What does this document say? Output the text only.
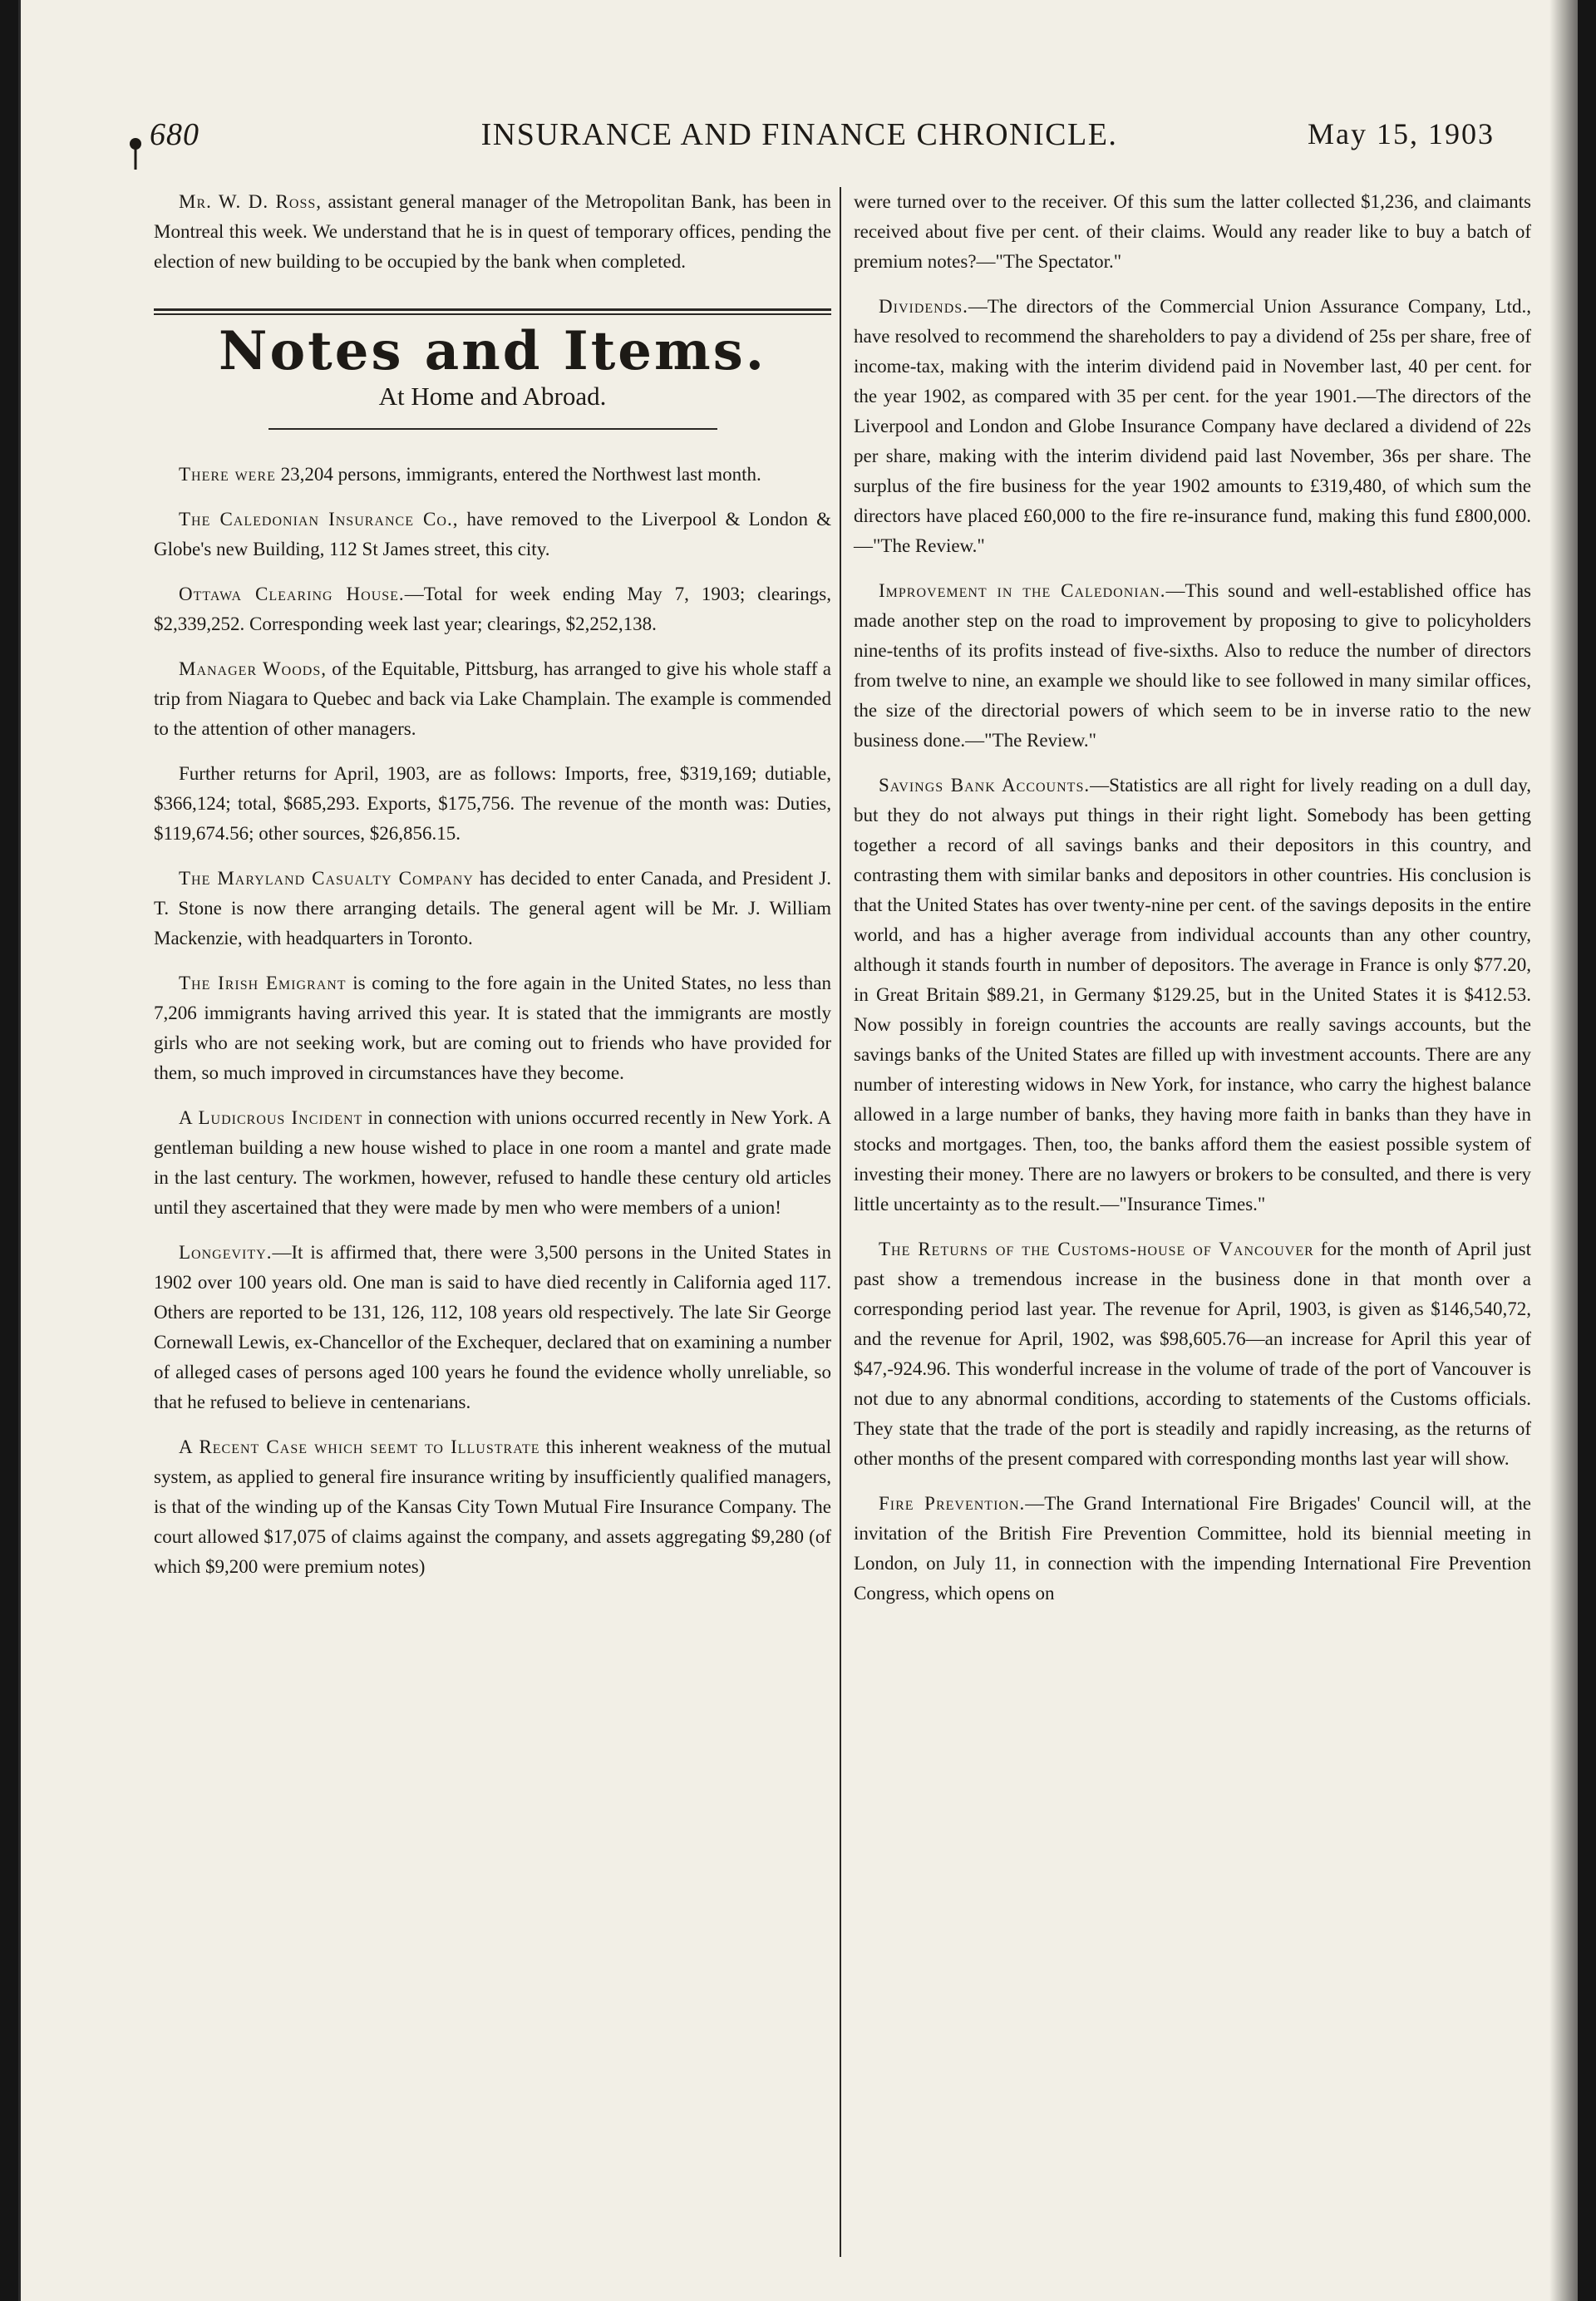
680	INSURANCE AND FINANCE CHRONICLE.	May 15, 1903

Mr. W. D. Ross, assistant general manager of the Metropolitan Bank, has been in Montreal this week. We understand that he is in quest of temporary offices, pending the election of new building to be occupied by the bank when completed.

Notes and Items.
At Home and Abroad.

There were 23,204 persons, immigrants, entered the Northwest last month.

The Caledonian Insurance Co., have removed to the Liverpool & London & Globe's new Building, 112 St James street, this city.

Ottawa Clearing House.—Total for week ending May 7, 1903; clearings, $2,339,252. Corresponding week last year; clearings, $2,252,138.

Manager Woods, of the Equitable, Pittsburg, has arranged to give his whole staff a trip from Niagara to Quebec and back via Lake Champlain. The example is commended to the attention of other managers.

Further returns for April, 1903, are as follows: Imports, free, $319,169; dutiable, $366,124; total, $685,293. Exports, $175,756. The revenue of the month was: Duties, $119,674.56; other sources, $26,856.15.

The Maryland Casualty Company has decided to enter Canada, and President J. T. Stone is now there arranging details. The general agent will be Mr. J. William Mackenzie, with headquarters in Toronto.

The Irish Emigrant is coming to the fore again in the United States, no less than 7,206 immigrants having arrived this year. It is stated that the immigrants are mostly girls who are not seeking work, but are coming out to friends who have provided for them, so much improved in circumstances have they become.

A Ludicrous Incident in connection with unions occurred recently in New York. A gentleman building a new house wished to place in one room a mantel and grate made in the last century. The workmen, however, refused to handle these century old articles until they ascertained that they were made by men who were members of a union!

Longevity.—It is affirmed that, there were 3,500 persons in the United States in 1902 over 100 years old. One man is said to have died recently in California aged 117. Others are reported to be 131, 126, 112, 108 years old respectively. The late Sir George Cornewall Lewis, ex-Chancellor of the Exchequer, declared that on examining a number of alleged cases of persons aged 100 years he found the evidence wholly unreliable, so that he refused to believe in centenarians.

A Recent Case which seemt to Illustrate this inherent weakness of the mutual system, as applied to general fire insurance writing by insufficiently qualified managers, is that of the winding up of the Kansas City Town Mutual Fire Insurance Company. The court allowed $17,075 of claims against the company, and assets aggregating $9,280 (of which $9,200 were premium notes)

were turned over to the receiver. Of this sum the latter collected $1,236, and claimants received about five per cent. of their claims. Would any reader like to buy a batch of premium notes?—"The Spectator."

Dividends.—The directors of the Commercial Union Assurance Company, Ltd., have resolved to recommend the shareholders to pay a dividend of 25s per share, free of income-tax, making with the interim dividend paid in November last, 40 per cent. for the year 1902, as compared with 35 per cent. for the year 1901.—The directors of the Liverpool and London and Globe Insurance Company have declared a dividend of 22s per share, making with the interim dividend paid last November, 36s per share. The surplus of the fire business for the year 1902 amounts to £319,480, of which sum the directors have placed £60,000 to the fire re-insurance fund, making this fund £800,000.—"The Review."

Improvement in the Caledonian.—This sound and well-established office has made another step on the road to improvement by proposing to give to policyholders nine-tenths of its profits instead of five-sixths. Also to reduce the number of directors from twelve to nine, an example we should like to see followed in many similar offices, the size of the directorial powers of which seem to be in inverse ratio to the new business done.—"The Review."

Savings Bank Accounts.—Statistics are all right for lively reading on a dull day, but they do not always put things in their right light. Somebody has been getting together a record of all savings banks and their depositors in this country, and contrasting them with similar banks and depositors in other countries. His conclusion is that the United States has over twenty-nine per cent. of the savings deposits in the entire world, and has a higher average from individual accounts than any other country, although it stands fourth in number of depositors. The average in France is only $77.20, in Great Britain $89.21, in Germany $129.25, but in the United States it is $412.53. Now possibly in foreign countries the accounts are really savings accounts, but the savings banks of the United States are filled up with investment accounts. There are any number of interesting widows in New York, for instance, who carry the highest balance allowed in a large number of banks, they having more faith in banks than they have in stocks and mortgages. Then, too, the banks afford them the easiest possible system of investing their money. There are no lawyers or brokers to be consulted, and there is very little uncertainty as to the result.—"Insurance Times."

The Returns of the Customs-house of Vancouver for the month of April just past show a tremendous increase in the business done in that month over a corresponding period last year. The revenue for April, 1903, is given as $146,540,72, and the revenue for April, 1902, was $98,605.76—an increase for April this year of $47,-924.96. This wonderful increase in the volume of trade of the port of Vancouver is not due to any abnormal conditions, according to statements of the Customs officials. They state that the trade of the port is steadily and rapidly increasing, as the returns of other months of the present compared with corresponding months last year will show.

Fire Prevention.—The Grand International Fire Brigades' Council will, at the invitation of the British Fire Prevention Committee, hold its biennial meeting in London, on July 11, in connection with the impending International Fire Prevention Congress, which opens on
